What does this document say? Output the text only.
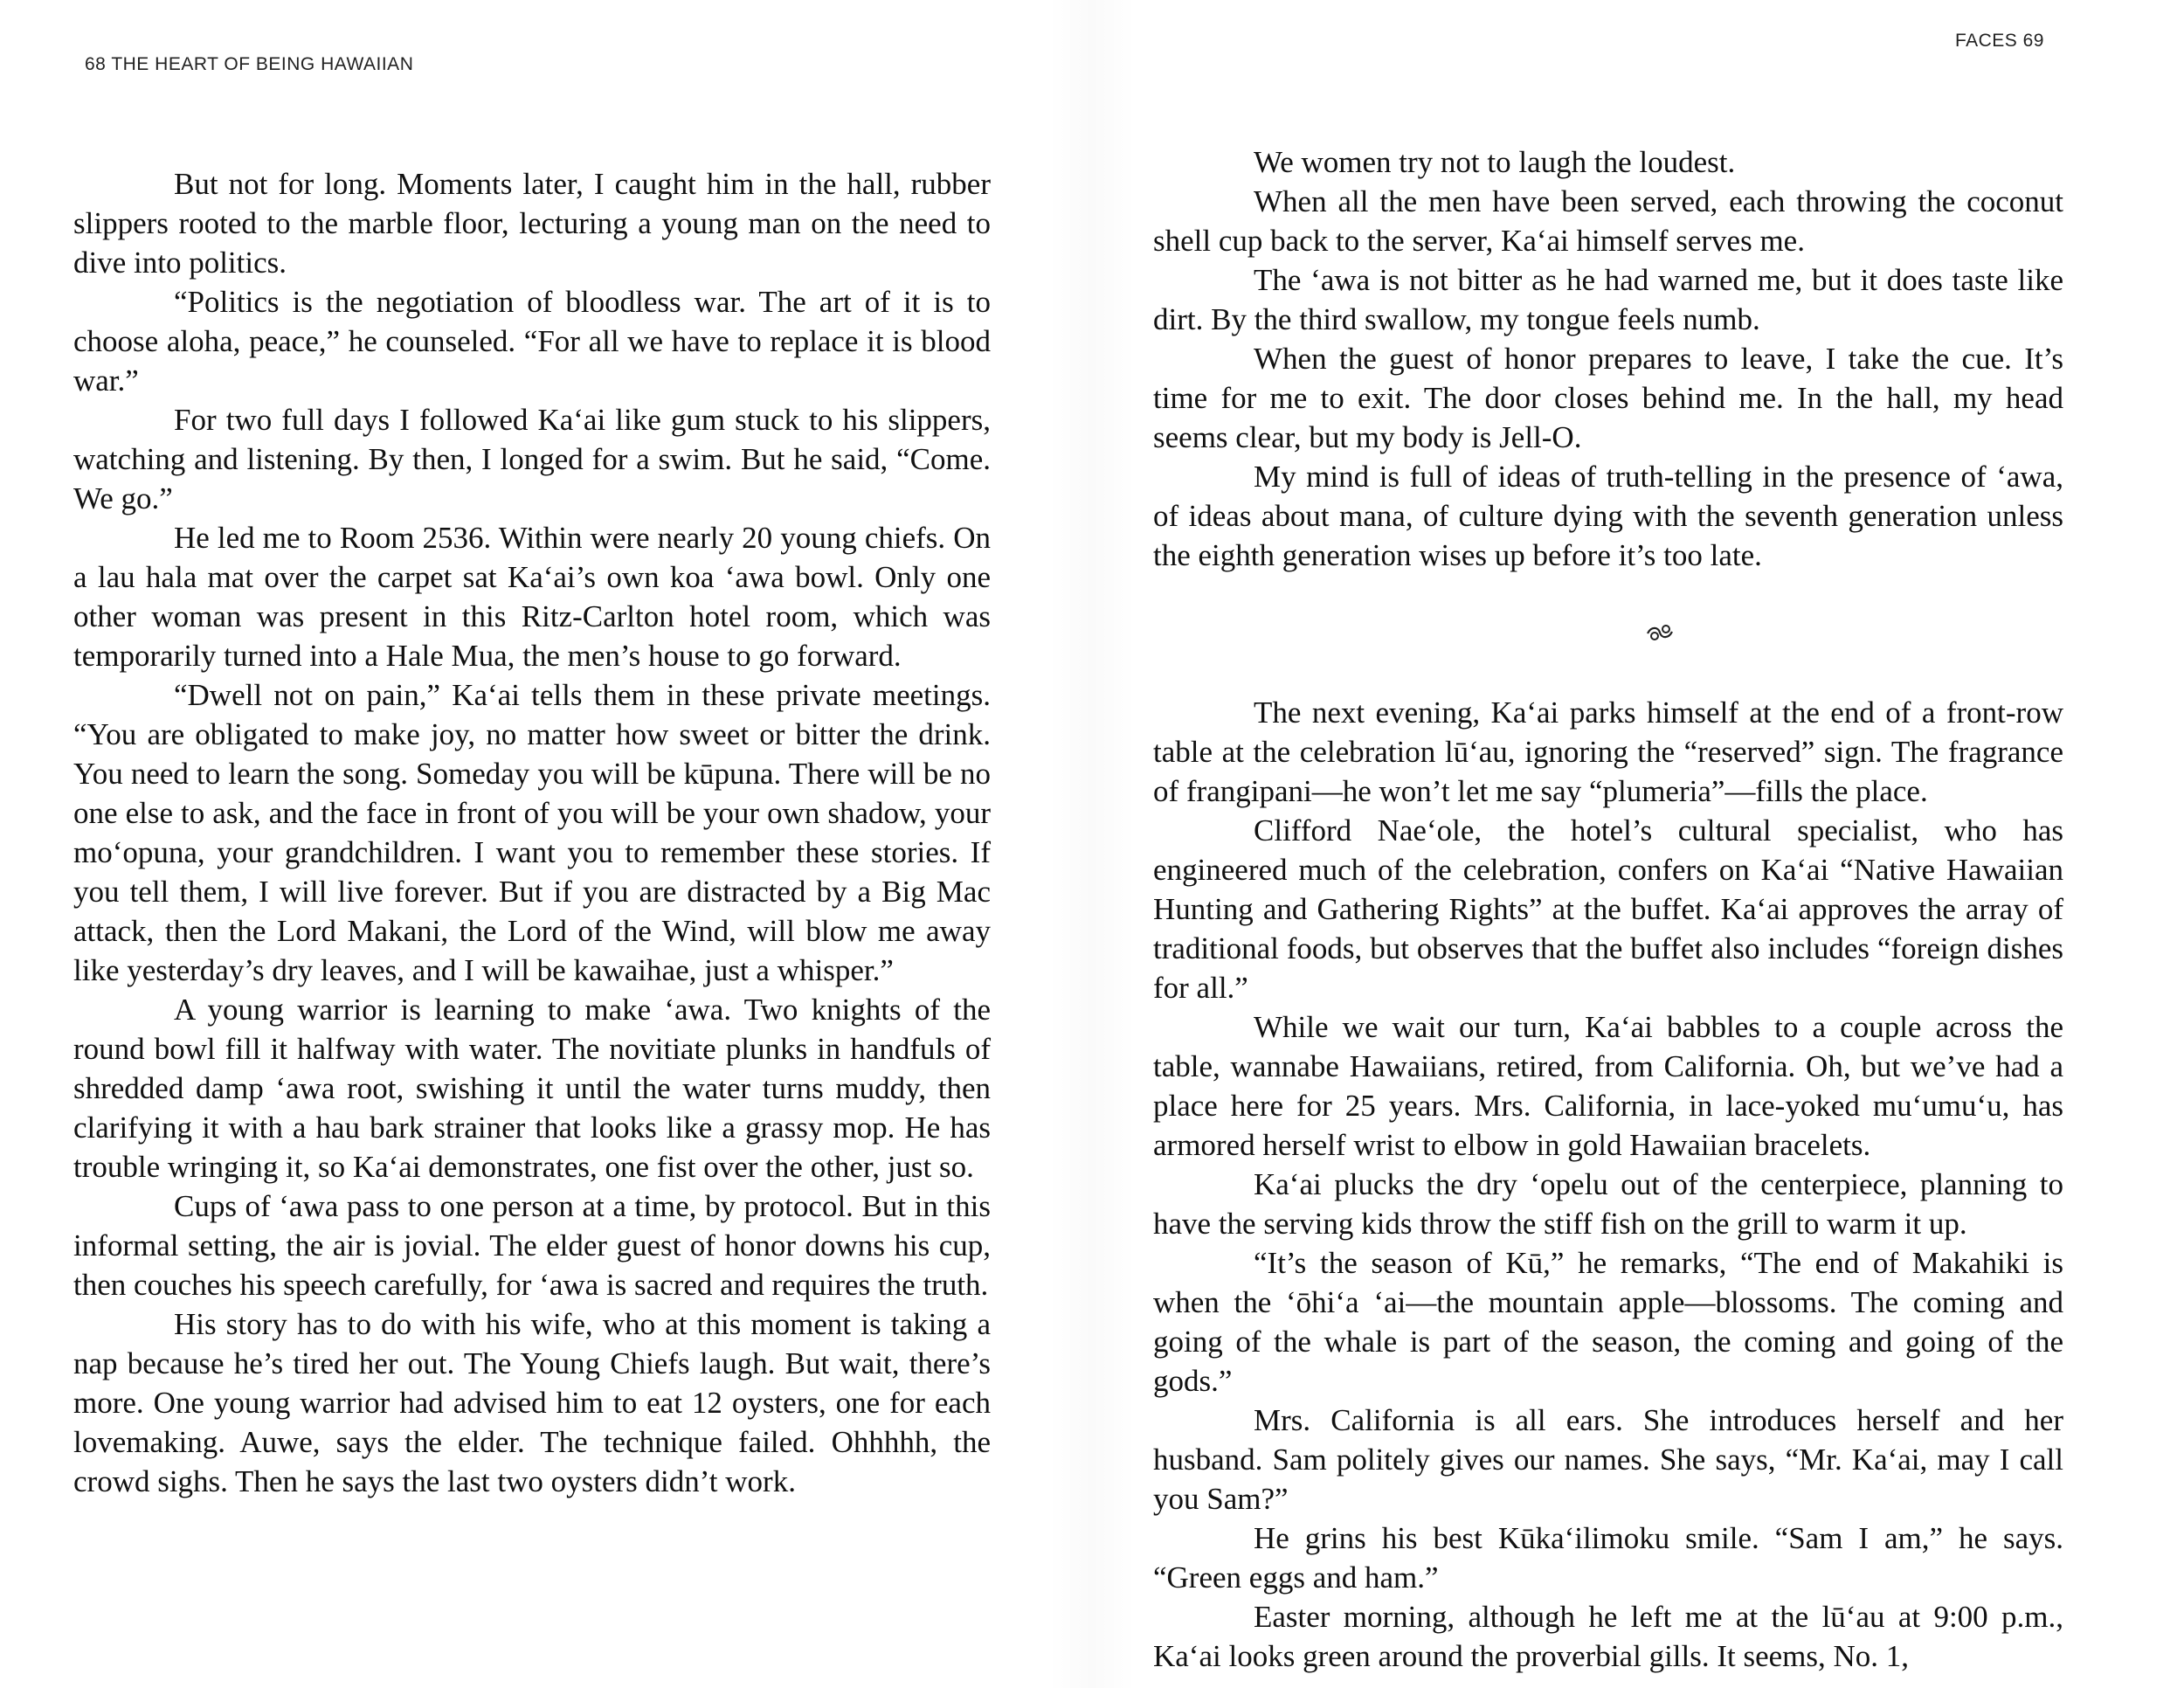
68 THE HEART OF BEING HAWAIIAN

But not for long. Moments later, I caught him in the hall, rubber slippers rooted to the marble floor, lecturing a young man on the need to dive into politics.

“Politics is the negotiation of bloodless war. The art of it is to choose aloha, peace,” he counseled. “For all we have to replace it is blood war.”

For two full days I followed Ka‘ai like gum stuck to his slippers, watching and listening. By then, I longed for a swim. But he said, “Come. We go.”

He led me to Room 2536. Within were nearly 20 young chiefs. On a lau hala mat over the carpet sat Ka‘ai’s own koa ‘awa bowl. Only one other woman was present in this Ritz-Carlton hotel room, which was temporarily turned into a Hale Mua, the men’s house to go forward.

“Dwell not on pain,” Ka‘ai tells them in these private meetings. “You are obligated to make joy, no matter how sweet or bitter the drink. You need to learn the song. Someday you will be kūpuna. There will be no one else to ask, and the face in front of you will be your own shadow, your mo‘opuna, your grandchildren. I want you to remember these stories. If you tell them, I will live forever. But if you are distracted by a Big Mac attack, then the Lord Makani, the Lord of the Wind, will blow me away like yesterday’s dry leaves, and I will be kawaihae, just a whisper.”

A young warrior is learning to make ‘awa. Two knights of the round bowl fill it halfway with water. The novitiate plunks in handfuls of shredded damp ‘awa root, swishing it until the water turns muddy, then clarifying it with a hau bark strainer that looks like a grassy mop. He has trouble wringing it, so Ka‘ai demonstrates, one fist over the other, just so.

Cups of ‘awa pass to one person at a time, by protocol. But in this informal setting, the air is jovial. The elder guest of honor downs his cup, then couches his speech carefully, for ‘awa is sacred and requires the truth.

His story has to do with his wife, who at this moment is taking a nap because he’s tired her out. The Young Chiefs laugh. But wait, there’s more. One young warrior had advised him to eat 12 oysters, one for each lovemaking. Auwe, says the elder. The technique failed. Ohhhhh, the crowd sighs. Then he says the last two oysters didn’t work.

FACES 69

We women try not to laugh the loudest.

When all the men have been served, each throwing the coconut shell cup back to the server, Ka‘ai himself serves me.

The ‘awa is not bitter as he had warned me, but it does taste like dirt. By the third swallow, my tongue feels numb.

When the guest of honor prepares to leave, I take the cue. It’s time for me to exit. The door closes behind me. In the hall, my head seems clear, but my body is Jell-O.

My mind is full of ideas of truth-telling in the presence of ‘awa, of ideas about mana, of culture dying with the seventh generation unless the eighth generation wises up before it’s too late.

The next evening, Ka‘ai parks himself at the end of a front-row table at the celebration lū‘au, ignoring the “reserved” sign. The fragrance of frangipani—he won’t let me say “plumeria”—fills the place.

Clifford Nae‘ole, the hotel’s cultural specialist, who has engineered much of the celebration, confers on Ka‘ai “Native Hawaiian Hunting and Gathering Rights” at the buffet. Ka‘ai approves the array of traditional foods, but observes that the buffet also includes “foreign dishes for all.”

While we wait our turn, Ka‘ai babbles to a couple across the table, wannabe Hawaiians, retired, from California. Oh, but we’ve had a place here for 25 years. Mrs. California, in lace-yoked mu‘umu‘u, has armored herself wrist to elbow in gold Hawaiian bracelets.

Ka‘ai plucks the dry ‘opelu out of the centerpiece, planning to have the serving kids throw the stiff fish on the grill to warm it up.

“It’s the season of Kū,” he remarks, “The end of Makahiki is when the ‘ōhi‘a ‘ai—the mountain apple—blossoms. The coming and going of the whale is part of the season, the coming and going of the gods.”

Mrs. California is all ears. She introduces herself and her husband. Sam politely gives our names. She says, “Mr. Ka‘ai, may I call you Sam?”

He grins his best Kūka‘ilimoku smile. “Sam I am,” he says. “Green eggs and ham.”

Easter morning, although he left me at the lū‘au at 9:00 p.m., Ka‘ai looks green around the proverbial gills. It seems, No. 1,
